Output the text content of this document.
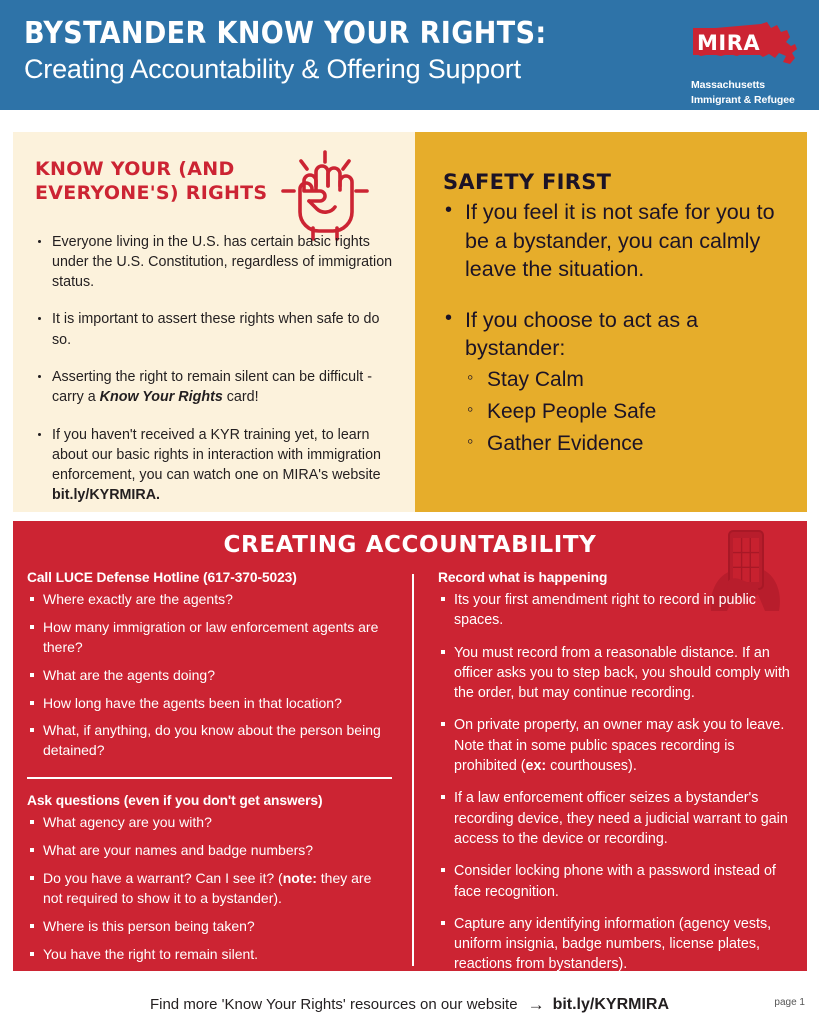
BYSTANDER KNOW YOUR RIGHTS:
Creating Accountability & Offering Support
MIRA
Massachusetts
Immigrant & Refugee
Advocacy Coalition
KNOW YOUR (AND EVERYONE'S) RIGHTS
Everyone living in the U.S. has certain basic rights under the U.S. Constitution, regardless of immigration status.
It is important to assert these rights when safe to do so.
Asserting the right to remain silent can be difficult - carry a Know Your Rights card!
If you haven't received a KYR training yet, to learn about our basic rights in interaction with immigration enforcement, you can watch one on MIRA's website bit.ly/KYRMIRA.
SAFETY FIRST
• If you feel it is not safe for you to be a bystander, you can calmly leave the situation.
• If you choose to act as a bystander:
◦ Stay Calm
◦ Keep People Safe
◦ Gather Evidence
CREATING ACCOUNTABILITY
Call LUCE Defense Hotline (617-370-5023)
Where exactly are the agents?
How many immigration or law enforcement agents are there?
What are the agents doing?
How long have the agents been in that location?
What, if anything, do you know about the person being detained?
Ask questions (even if you don't get answers)
What agency are you with?
What are your names and badge numbers?
Do you have a warrant? Can I see it? (note: they are not required to show it to a bystander).
Where is this person being taken?
You have the right to remain silent.
Record what is happening
Its your first amendment right to record in public spaces.
You must record from a reasonable distance. If an officer asks you to step back, you should comply with the order, but may continue recording.
On private property, an owner may ask you to leave. Note that in some public spaces recording is prohibited (ex: courthouses).
If a law enforcement officer seizes a bystander's recording device, they need a judicial warrant to gain access to the device or recording.
Consider locking phone with a password instead of face recognition.
Capture any identifying information (agency vests, uniform insignia, badge numbers, license plates, reactions from bystanders).
Find more 'Know Your Rights' resources on our website → bit.ly/KYRMIRA	page 1
